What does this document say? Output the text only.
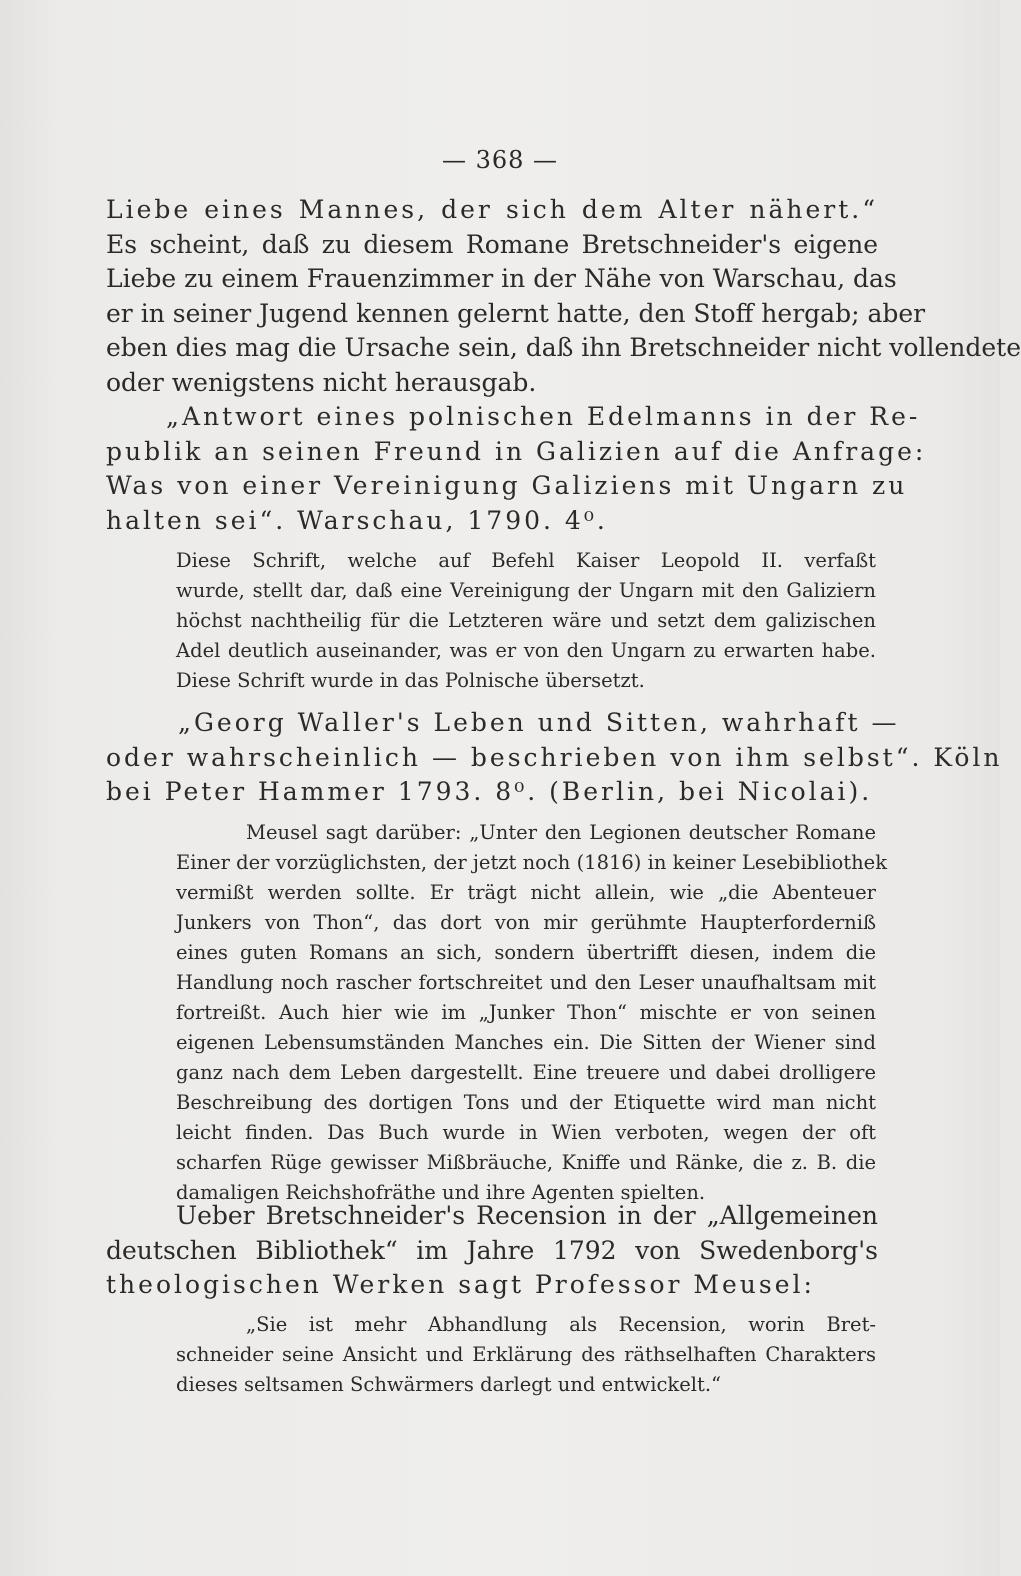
— 368 —
Liebe eines Mannes, der sich dem Alter nähert.“
Es scheint, daß zu diesem Romane Bretschneider's eigene
Liebe zu einem Frauenzimmer in der Nähe von Warschau, das
er in seiner Jugend kennen gelernt hatte, den Stoff hergab; aber
eben dies mag die Ursache sein, daß ihn Bretschneider nicht vollendete
oder wenigstens nicht herausgab.
„Antwort eines polnischen Edelmanns in der Re-
publik an seinen Freund in Galizien auf die Anfrage:
Was von einer Vereinigung Galiziens mit Ungarn zu
halten sei“. Warschau, 1790. 4⁰.
Diese Schrift, welche auf Befehl Kaiser Leopold II. verfaßt
wurde, stellt dar, daß eine Vereinigung der Ungarn mit den Galiziern
höchst nachtheilig für die Letzteren wäre und setzt dem galizischen
Adel deutlich auseinander, was er von den Ungarn zu erwarten habe.
Diese Schrift wurde in das Polnische übersetzt.
„Georg Waller's Leben und Sitten, wahrhaft —
oder wahrscheinlich — beschrieben von ihm selbst“. Köln
bei Peter Hammer 1793. 8⁰. (Berlin, bei Nicolai).
Meusel sagt darüber: „Unter den Legionen deutscher Romane
Einer der vorzüglichsten, der jetzt noch (1816) in keiner Lesebibliothek
vermißt werden sollte. Er trägt nicht allein, wie „die Abenteuer
Junkers von Thon“, das dort von mir gerühmte Haupterforderniß
eines guten Romans an sich, sondern übertrifft diesen, indem die
Handlung noch rascher fortschreitet und den Leser unaufhaltsam mit
fortreißt. Auch hier wie im „Junker Thon“ mischte er von seinen
eigenen Lebensumständen Manches ein. Die Sitten der Wiener sind
ganz nach dem Leben dargestellt. Eine treuere und dabei drolligere
Beschreibung des dortigen Tons und der Etiquette wird man nicht
leicht finden. Das Buch wurde in Wien verboten, wegen der oft
scharfen Rüge gewisser Mißbräuche, Kniffe und Ränke, die z. B. die
damaligen Reichshofräthe und ihre Agenten spielten.
Ueber Bretschneider's Recension in der „Allgemeinen
deutschen Bibliothek“ im Jahre 1792 von Swedenborg's
theologischen Werken sagt Professor Meusel:
„Sie ist mehr Abhandlung als Recension, worin Bret-
schneider seine Ansicht und Erklärung des räthselhaften Charakters
dieses seltsamen Schwärmers darlegt und entwickelt.“
